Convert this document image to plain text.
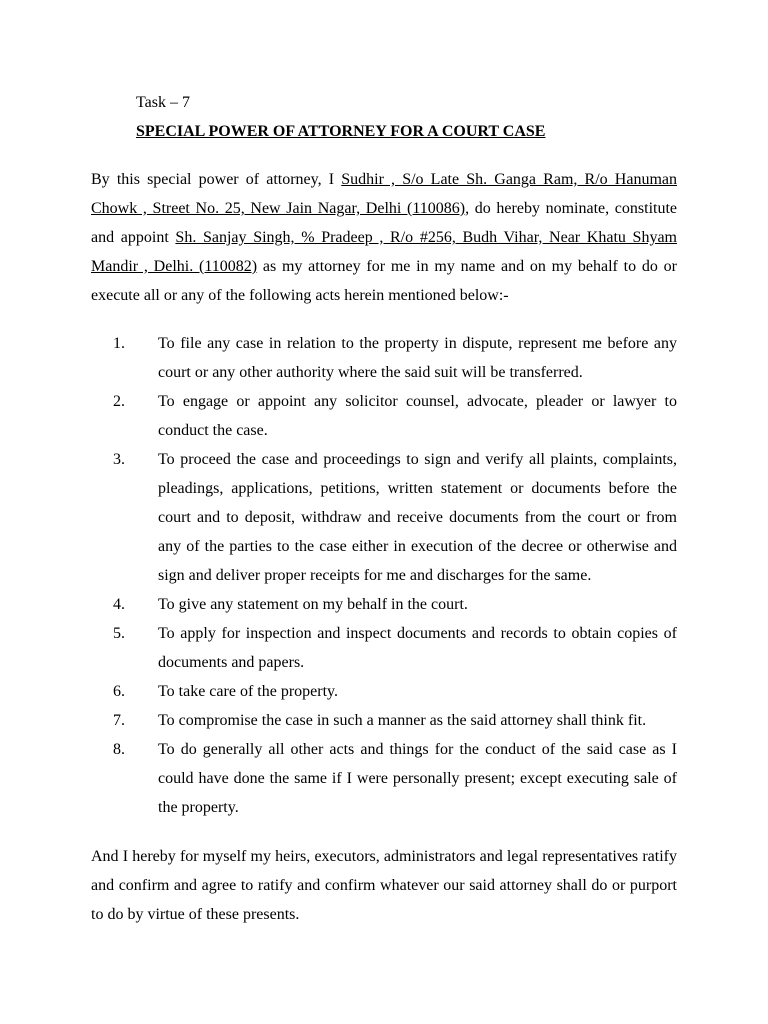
Task – 7
SPECIAL POWER OF ATTORNEY FOR A COURT CASE
By this special power of attorney, I Sudhir , S/o Late Sh. Ganga Ram, R/o Hanuman Chowk , Street No. 25, New Jain Nagar, Delhi (110086), do hereby nominate, constitute and appoint Sh. Sanjay Singh, % Pradeep , R/o #256, Budh Vihar, Near Khatu Shyam Mandir , Delhi. (110082) as my attorney for me in my name and on my behalf to do or execute all or any of the following acts herein mentioned below:-
1. To file any case in relation to the property in dispute, represent me before any court or any other authority where the said suit will be transferred.
2. To engage or appoint any solicitor counsel, advocate, pleader or lawyer to conduct the case.
3. To proceed the case and proceedings to sign and verify all plaints, complaints, pleadings, applications, petitions, written statement or documents before the court and to deposit, withdraw and receive documents from the court or from any of the parties to the case either in execution of the decree or otherwise and sign and deliver proper receipts for me and discharges for the same.
4. To give any statement on my behalf in the court.
5. To apply for inspection and inspect documents and records to obtain copies of documents and papers.
6. To take care of the property.
7. To compromise the case in such a manner as the said attorney shall think fit.
8. To do generally all other acts and things for the conduct of the said case as I could have done the same if I were personally present; except executing sale of the property.
And I hereby for myself my heirs, executors, administrators and legal representatives ratify and confirm and agree to ratify and confirm whatever our said attorney shall do or purport to do by virtue of these presents.
